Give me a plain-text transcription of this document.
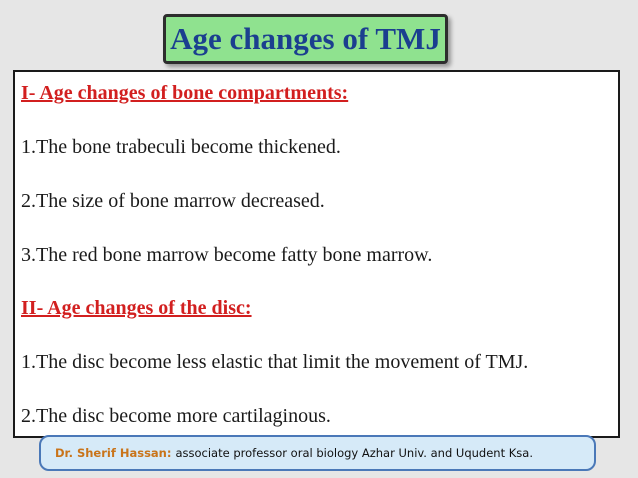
Age changes of TMJ
I- Age changes of bone compartments:
1.The bone trabeculi become thickened.
2.The size of bone marrow decreased.
3.The red bone marrow become fatty bone marrow.
II- Age changes of the disc:
1.The disc become less elastic that limit the movement of TMJ.
2.The disc become more cartilaginous.
Dr. Sherif Hassan: associate professor oral biology Azhar Univ. and Uqudent Ksa.
